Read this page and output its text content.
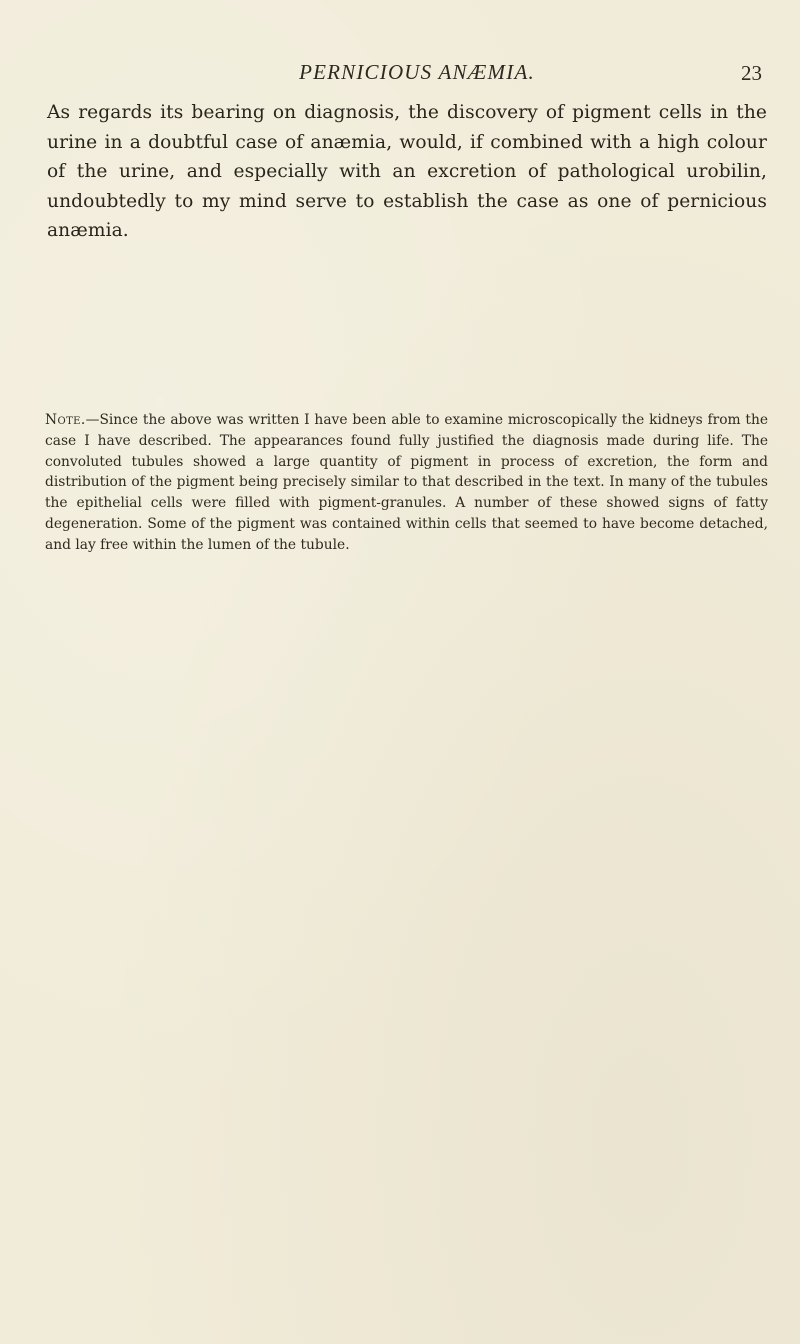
PERNICIOUS ANÆMIA.	23

As regards its bearing on diagnosis, the discovery of pigment cells in the urine in a doubtful case of anæmia, would, if combined with a high colour of the urine, and especially with an excretion of pathological urobilin, undoubtedly to my mind serve to establish the case as one of pernicious anæmia.

Note.—Since the above was written I have been able to examine microscopically the kidneys from the case I have described. The appearances found fully justified the diagnosis made during life. The convoluted tubules showed a large quantity of pigment in process of excretion, the form and distribution of the pigment being precisely similar to that described in the text. In many of the tubules the epithelial cells were filled with pigment-granules. A number of these showed signs of fatty degeneration. Some of the pigment was contained within cells that seemed to have become detached, and lay free within the lumen of the tubule.
